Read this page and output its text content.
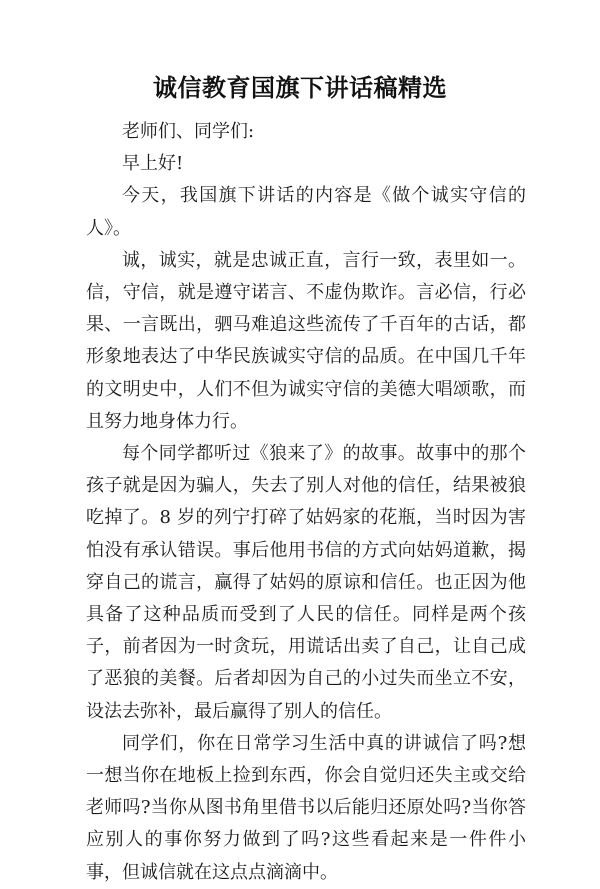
诚信教育国旗下讲话稿精选

老师们、同学们:

早上好!

今天，我国旗下讲话的内容是《做个诚实守信的人》。

诚，诚实，就是忠诚正直，言行一致，表里如一。信，守信，就是遵守诺言、不虚伪欺诈。言必信，行必果、一言既出，驷马难追这些流传了千百年的古话，都形象地表达了中华民族诚实守信的品质。在中国几千年的文明史中，人们不但为诚实守信的美德大唱颂歌，而且努力地身体力行。

每个同学都听过《狼来了》的故事。故事中的那个孩子就是因为骗人，失去了别人对他的信任，结果被狼吃掉了。8 岁的列宁打碎了姑妈家的花瓶，当时因为害怕没有承认错误。事后他用书信的方式向姑妈道歉，揭穿自己的谎言，赢得了姑妈的原谅和信任。也正因为他具备了这种品质而受到了人民的信任。同样是两个孩子，前者因为一时贪玩，用谎话出卖了自己，让自己成了恶狼的美餐。后者却因为自己的小过失而坐立不安，设法去弥补，最后赢得了别人的信任。

同学们，你在日常学习生活中真的讲诚信了吗?想一想当你在地板上捡到东西，你会自觉归还失主或交给老师吗?当你从图书角里借书以后能归还原处吗?当你答应别人的事你努力做到了吗?这些看起来是一件件小事，但诚信就在这点点滴滴中。
